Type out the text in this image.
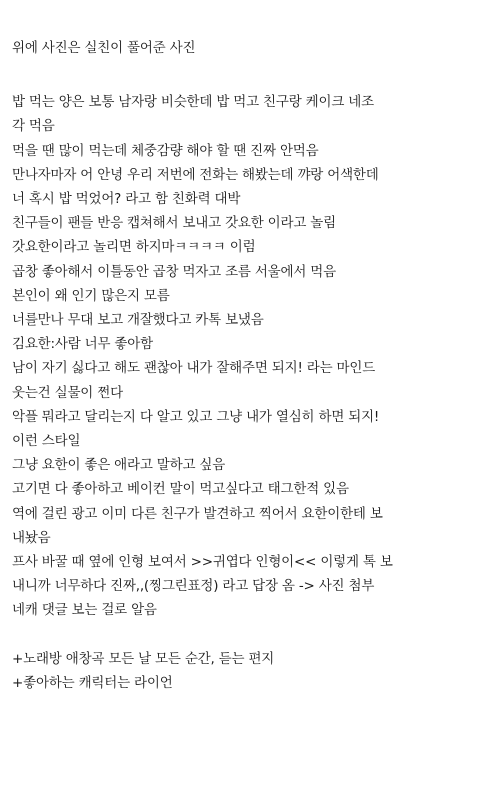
위에 사진은 실친이 풀어준 사진
밥 먹는 양은 보통 남자랑 비슷한데 밥 먹고 친구랑 케이크 네조
각 먹음
먹을 땐 많이 먹는데 체중감량 해야 할 땐 진짜 안먹음
만나자마자 어 안녕 우리 저번에 전화는 해봤는데 꺄랑 어색한데
너 혹시 밥 먹었어? 라고 함 친화력 대박
친구들이 팬들 반응 캡쳐해서 보내고 갓요한 이라고 놀림
갓요한이라고 놀리면 하지마ㅋㅋㅋㅋ 이럼
곱창 좋아해서 이틀동안 곱창 먹자고 조름 서울에서 먹음
본인이 왜 인기 많은지 모름
너를만나 무대 보고 개잘했다고 카톡 보냈음
김요한:사람 너무 좋아함
남이 자기 싫다고 해도 괜찮아 내가 잘해주면 되지! 라는 마인드
웃는건 실물이 쩐다
악플 뭐라고 달리는지 다 알고 있고 그냥 내가 열심히 하면 되지!
이런 스타일
그냥 요한이 좋은 애라고 말하고 싶음
고기면 다 좋아하고 베이컨 말이 먹고싶다고 태그한적 있음
역에 걸린 광고 이미 다른 친구가 발견하고 찍어서 요한이한테 보
내놨음
프사 바꿀 때 옆에 인형 보여서 >>귀엽다 인형이<< 이렇게 톡 보
내니까 너무하다 진짜,,(찡그린표정) 라고 답장 옴 -> 사진 첨부
네캐 댓글 보는 걸로 알음
+노래방 애창곡 모든 날 모든 순간, 듣는 편지
+좋아하는 캐릭터는 라이언
